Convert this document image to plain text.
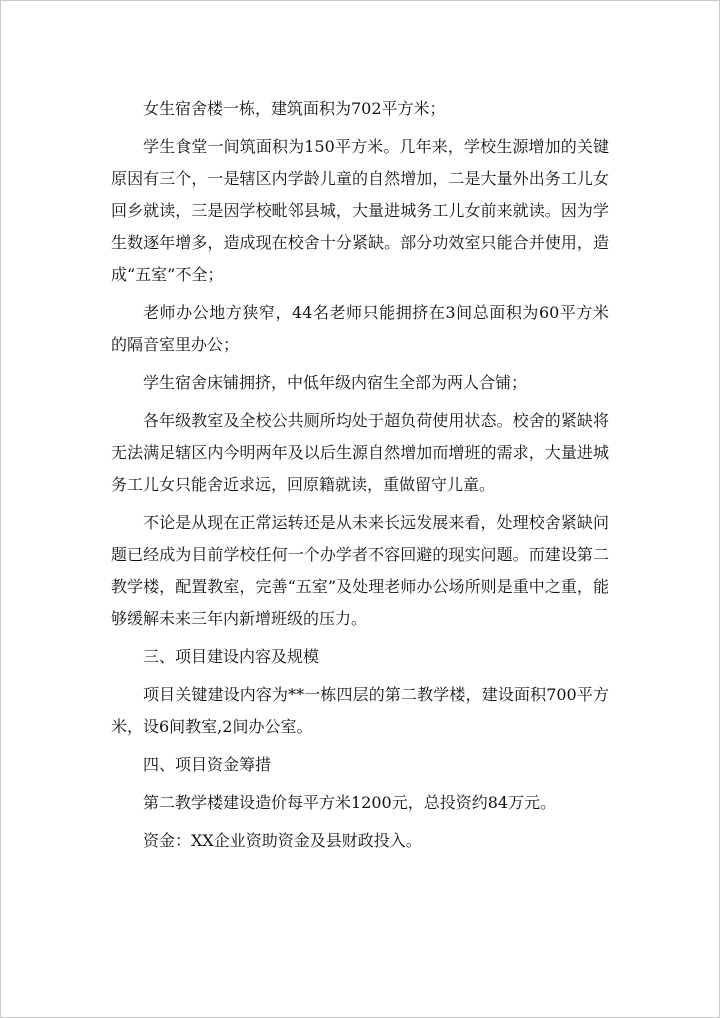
女生宿舍楼一栋，建筑面积为702平方米；

学生食堂一间筑面积为150平方米。几年来，学校生源增加的关键原因有三个，一是辖区内学龄儿童的自然增加，二是大量外出务工儿女回乡就读，三是因学校毗邻县城，大量进城务工儿女前来就读。因为学生数逐年增多，造成现在校舍十分紧缺。部分功效室只能合并使用，造成“五室”不全；

老师办公地方狭窄，44名老师只能拥挤在3间总面积为60平方米的隔音室里办公；

学生宿舍床铺拥挤，中低年级内宿生全部为两人合铺；

各年级教室及全校公共厕所均处于超负荷使用状态。校舍的紧缺将无法满足辖区内今明两年及以后生源自然增加而增班的需求，大量进城务工儿女只能舍近求远，回原籍就读，重做留守儿童。

不论是从现在正常运转还是从未来长远发展来看，处理校舍紧缺问题已经成为目前学校任何一个办学者不容回避的现实问题。而建设第二教学楼，配置教室，完善“五室”及处理老师办公场所则是重中之重，能够缓解未来三年内新增班级的压力。

三、项目建设内容及规模

项目关键建设内容为**一栋四层的第二教学楼，建设面积700平方米，设6间教室,2间办公室。

四、项目资金筹措

第二教学楼建设造价每平方米1200元，总投资约84万元。

资金：XX企业资助资金及县财政投入。
